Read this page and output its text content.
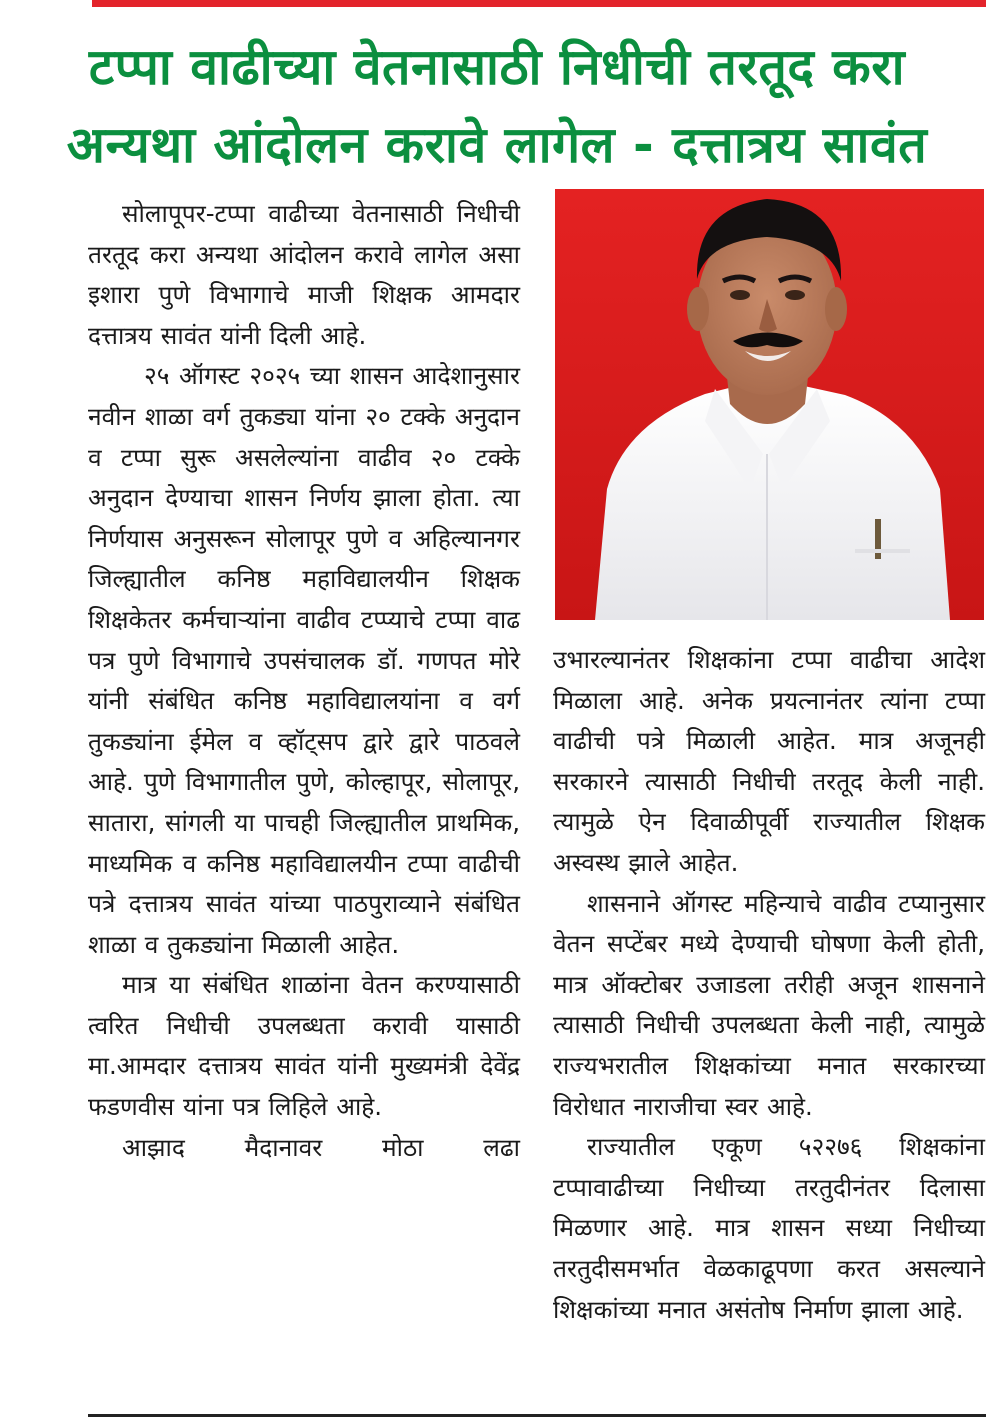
टप्पा वाढीच्या वेतनासाठी निधीची तरतूद करा
अन्यथा आंदोलन करावे लागेल - दत्तात्रय सावंत

सोलापूपर-टप्पा वाढीच्या वेतनासाठी निधीची तरतूद करा अन्यथा आंदोलन करावे लागेल असा इशारा पुणे विभागाचे माजी शिक्षक आमदार दत्तात्रय सावंत यांनी दिली आहे.

२५ ऑगस्ट २०२५ च्या शासन आदेशानुसार नवीन शाळा वर्ग तुकड्या यांना २० टक्के अनुदान व टप्पा सुरू असलेल्यांना वाढीव २० टक्के अनुदान देण्याचा शासन निर्णय झाला होता. त्या निर्णयास अनुसरून सोलापूर पुणे व अहिल्यानगर जिल्ह्यातील कनिष्ठ महाविद्यालयीन शिक्षक शिक्षकेतर कर्मचाऱ्यांना वाढीव टप्प्याचे टप्पा वाढ पत्र पुणे विभागाचे उपसंचालक डॉ. गणपत मोरे यांनी संबंधित कनिष्ठ महाविद्यालयांना व वर्ग तुकड्यांना ईमेल व व्हॉट्सप द्वारे द्वारे पाठवले आहे. पुणे विभागातील पुणे, कोल्हापूर, सोलापूर, सातारा, सांगली या पाचही जिल्ह्यातील प्राथमिक, माध्यमिक व कनिष्ठ महाविद्यालयीन टप्पा वाढीची पत्रे दत्तात्रय सावंत यांच्या पाठपुराव्याने संबंधित शाळा व तुकड्यांना मिळाली आहेत.

मात्र या संबंधित शाळांना वेतन करण्यासाठी त्वरित निधीची उपलब्धता करावी यासाठी मा.आमदार दत्तात्रय सावंत यांनी मुख्यमंत्री देवेंद्र फडणवीस यांना पत्र लिहिले आहे.

आझाद मैदानावर मोठा लढा

उभारल्यानंतर शिक्षकांना टप्पा वाढीचा आदेश मिळाला आहे. अनेक प्रयत्नानंतर त्यांना टप्पा वाढीची पत्रे मिळाली आहेत. मात्र अजूनही सरकारने त्यासाठी निधीची तरतूद केली नाही. त्यामुळे ऐन दिवाळीपूर्वी राज्यातील शिक्षक अस्वस्थ झाले आहेत.

शासनाने ऑगस्ट महिन्याचे वाढीव टप्यानुसार वेतन सप्टेंबर मध्ये देण्याची घोषणा केली होती, मात्र ऑक्टोबर उजाडला तरीही अजून शासनाने त्यासाठी निधीची उपलब्धता केली नाही, त्यामुळे राज्यभरातील शिक्षकांच्या मनात सरकारच्या विरोधात नाराजीचा स्वर आहे.

राज्यातील एकूण ५२२७६ शिक्षकांना टप्पावाढीच्या निधीच्या तरतुदीनंतर दिलासा मिळणार आहे. मात्र शासन सध्या निधीच्या तरतुदीसमर्भात वेळकाढूपणा करत असल्याने शिक्षकांच्या मनात असंतोष निर्माण झाला आहे.
